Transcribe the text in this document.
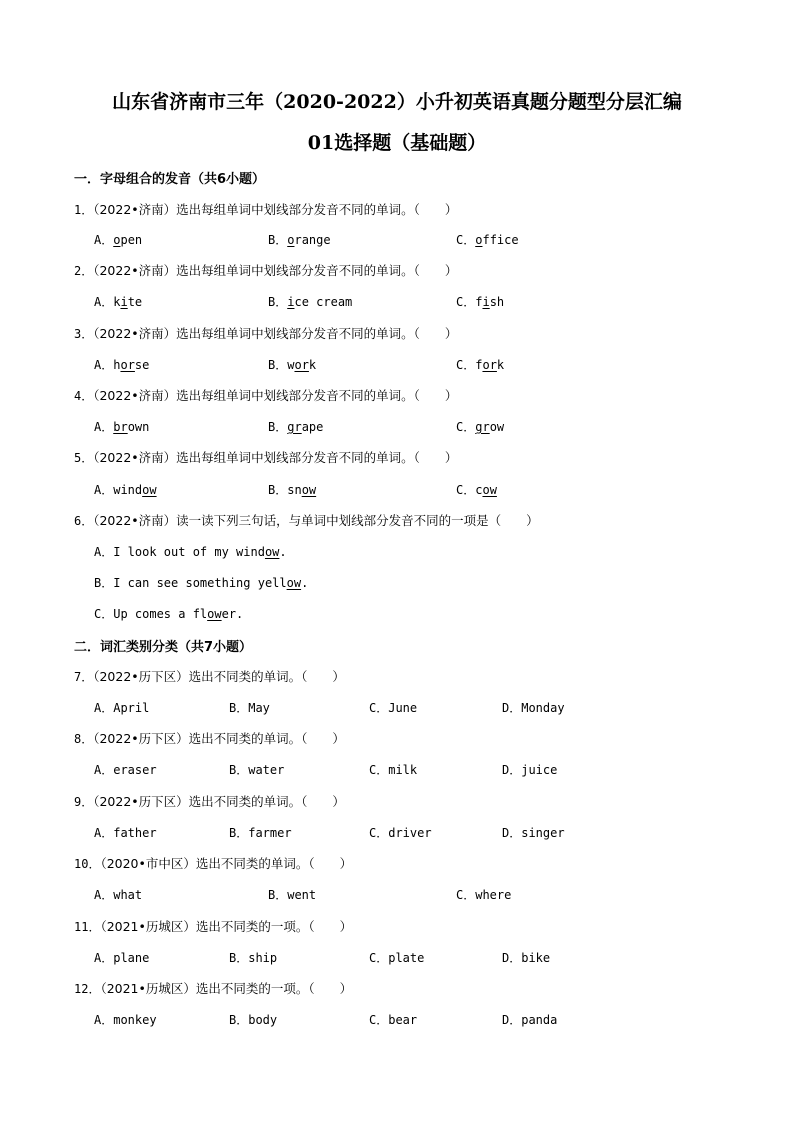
山东省济南市三年（2020-2022）小升初英语真题分题型分层汇编
01选择题（基础题）
一．字母组合的发音（共6小题）
二．词汇类别分类（共7小题）
1．（2022•济南）选出每组单词中划线部分发音不同的单词。（　　）
A．open	B．orange	C．office
2．（2022•济南）选出每组单词中划线部分发音不同的单词。（　　）
A．kite	B．ice cream	C．fish
3．（2022•济南）选出每组单词中划线部分发音不同的单词。（　　）
A．horse	B．work	C．fork
4．（2022•济南）选出每组单词中划线部分发音不同的单词。（　　）
A．brown	B．grape	C．grow
5．（2022•济南）选出每组单词中划线部分发音不同的单词。（　　）
A．window	B．snow	C．cow
6．（2022•济南）读一读下列三句话，与单词中划线部分发音不同的一项是（　　）
A．I look out of my window.
B．I can see something yellow.
C．Up comes a flower.
7．（2022•历下区）选出不同类的单词。（　　）
A．April	B．May	C．June	D．Monday
8．（2022•历下区）选出不同类的单词。（　　）
A．eraser	B．water	C．milk	D．juice
9．（2022•历下区）选出不同类的单词。（　　）
A．father	B．farmer	C．driver	D．singer
10．（2020•市中区）选出不同类的单词。（　　）
A．what	B．went	C．where
11．（2021•历城区）选出不同类的一项。（　　）
A．plane	B．ship	C．plate	D．bike
12．（2021•历城区）选出不同类的一项。（　　）
A．monkey	B．body	C．bear	D．panda
